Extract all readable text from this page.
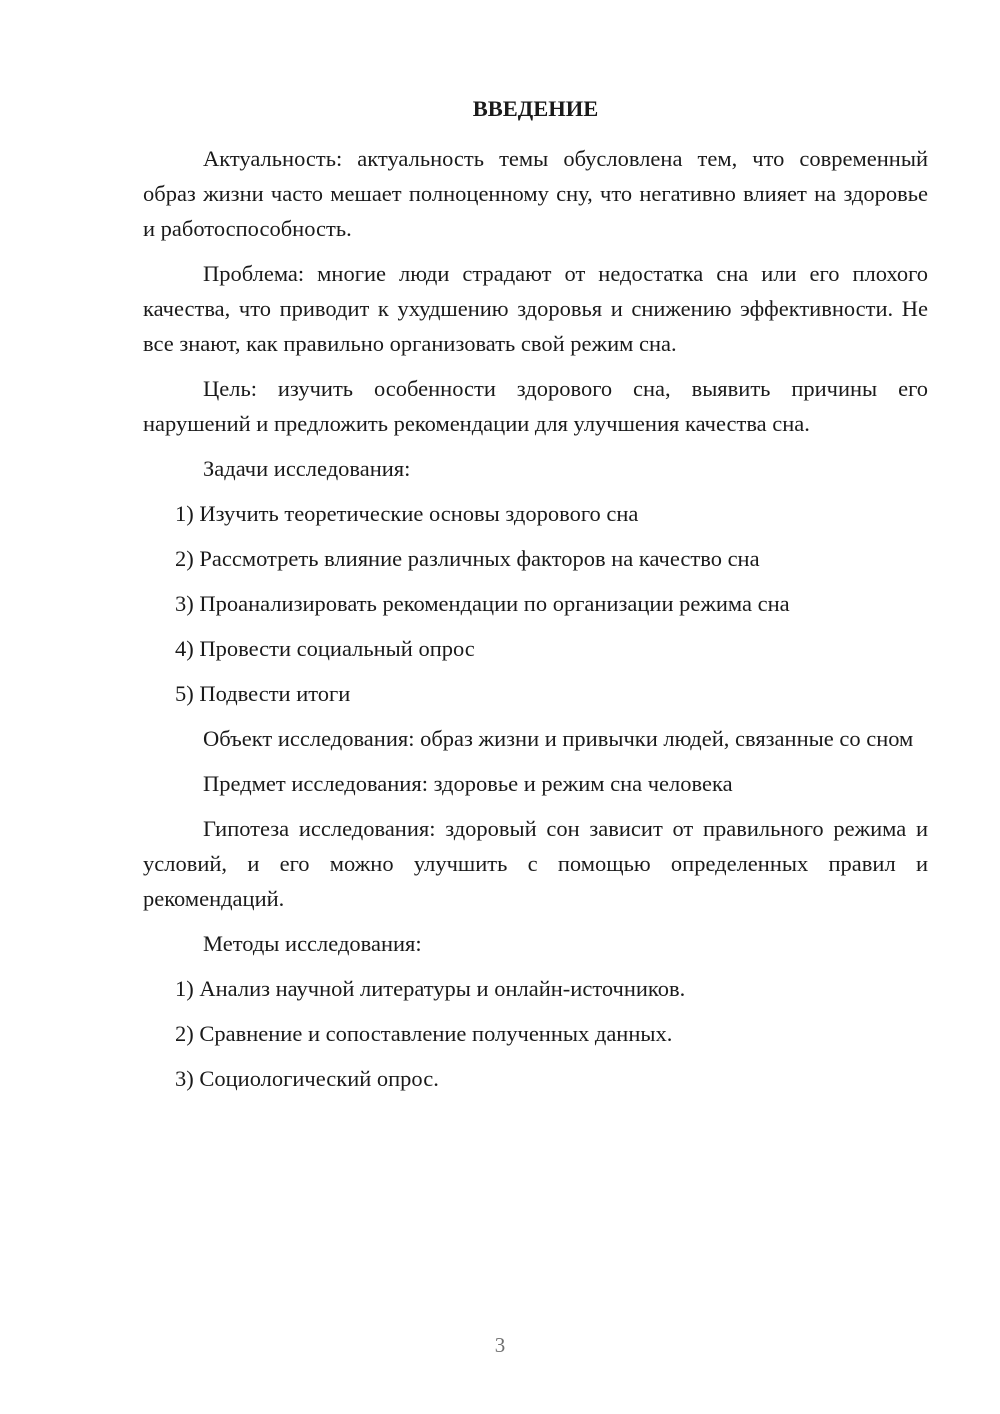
ВВЕДЕНИЕ

Актуальность: актуальность темы обусловлена тем, что современный образ жизни часто мешает полноценному сну, что негативно влияет на здоровье и работоспособность.

Проблема: многие люди страдают от недостатка сна или его плохого качества, что приводит к ухудшению здоровья и снижению эффективности. Не все знают, как правильно организовать свой режим сна.

Цель: изучить особенности здорового сна, выявить причины его нарушений и предложить рекомендации для улучшения качества сна.

Задачи исследования:

1) Изучить теоретические основы здорового сна

2) Рассмотреть влияние различных факторов на качество сна

3) Проанализировать рекомендации по организации режима сна

4) Провести социальный опрос

5) Подвести итоги

Объект исследования: образ жизни и привычки людей, связанные со сном

Предмет исследования: здоровье и режим сна человека

Гипотеза исследования: здоровый сон зависит от правильного режима и условий, и его можно улучшить с помощью определенных правил и рекомендаций.

Методы исследования:

1) Анализ научной литературы и онлайн-источников.

2) Сравнение и сопоставление полученных данных.

3) Социологический опрос.

3
